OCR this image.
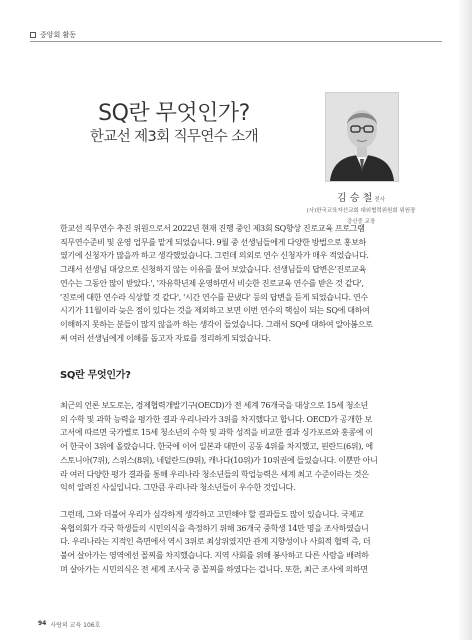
중앙회 활동
SQ란 무엇인가?
한교선 제3회 직무연수 소개
김 승 철 전사
(사)한국교육자선교회 대외협력위원회 위원장
강신중 교장
한교선 직무연수 추진 위원으로서 2022년 현재 진행 중인 제3회 SQ향상 진로교육 프로그램
직무연수준비 및 운영 업무를 맡게 되었습니다. 9월 중 선생님들에게 다양한 방법으로 홍보하
였기에 신청자가 많을까 하고 생각했었습니다. 그런데 의외로 연수 신청자가 매우 적었습니다.
그래서 선생님 대상으로 신청하지 않는 이유를 물어 보았습니다. 선생님들의 답변은'진로교육
연수는 그동안 많이 받았다.', '자유학년제 운영하면서 비슷한 진로교육 연수를 받은 것 같다',
'진로에 대한 연수라 식상할 것 같다', '시간 연수를 끝냈다' 등의 답변을 듣게 되었습니다. 연수
시기가 11월이라 늦은 점이 있다는 것을 제외하고 보면 이번 연수의 핵심이 되는 SQ에 대하여
이해하지 못하는 분들이 많지 않을까 하는 생각이 들었습니다. 그래서 SQ에 대하여 알아봄으로
써 여러 선생님에게 이해를 돕고자 자료를 정리하게 되었습니다.
SQ란 무엇인가?
최근의 언론 보도로는, 경제협력개발기구(OECD)가 전 세계 76개국을 대상으로 15세 청소년
의 수학 및 과학 능력을 평가한 결과 우리나라가 3위를 차지했다고 합니다. OECD가 공개한 보
고서에 따르면 국가별로 15세 청소년의 수학 및 과학 성적을 비교한 결과 싱가포르와 홍콩에 이
어 한국이 3위에 올랐습니다. 한국에 이어 일본과 대만이 공동 4위를 차지했고, 핀란드(6위), 에
스토니아(7위), 스위스(8위), 네덜란드(9위), 캐나다(10위)가 10위권에 들었습니다. 이뿐만 아니
라 여러 다양한 평가 결과를 통해 우리나라 청소년들의 학업능력은 세계 최고 수준이라는 것은
익히 알려진 사실입니다. 그만큼 우리나라 청소년들이 우수한 것입니다.
그런데, 그와 더불어 우리가 심각하게 생각하고 고민해야 할 결과들도 많이 있습니다. 국제교
육협의회가 각국 학생들의 시민의식을 측정하기 위해 36개국 중학생 14만 명을 조사하였습니
다. 우리나라는 지적인 측면에서 역시 3위로 최상위였지만 관계 지향성이나 사회적 협력 즉, 더
불어 살아가는 영역에선 꼴찌를 차지했습니다. 지역 사회를 위해 봉사하고 다른 사람을 배려하
며 살아가는 시민의식은 전 세계 조사국 중 꼴찌를 하였다는 겁니다. 또한, 최근 조사에 의하면
94 사랑의 교육 106호
